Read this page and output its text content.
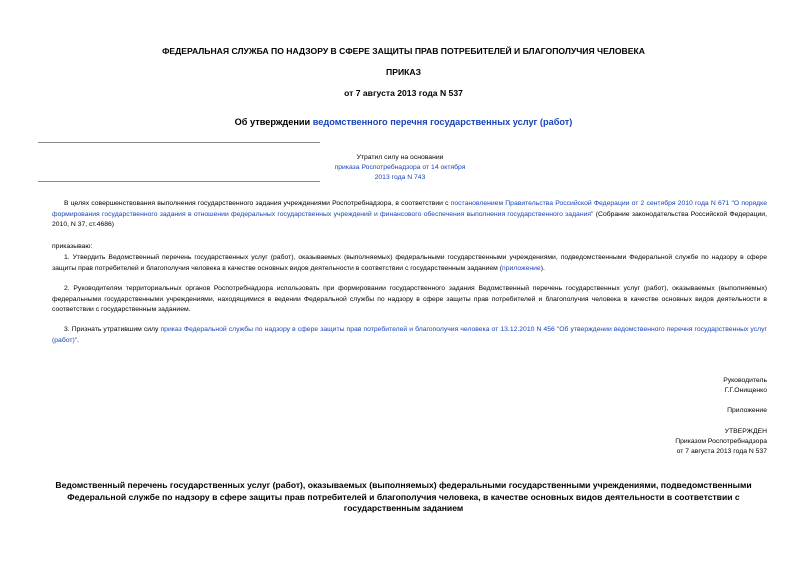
ФЕДЕРАЛЬНАЯ СЛУЖБА ПО НАДЗОРУ В СФЕРЕ ЗАЩИТЫ ПРАВ ПОТРЕБИТЕЛЕЙ И БЛАГОПОЛУЧИЯ ЧЕЛОВЕКА
ПРИКАЗ
от 7 августа 2013 года N 537
Об утверждении ведомственного перечня государственных услуг (работ)
Утратил силу на основании
приказа Роспотребнадзора от 14 октября 2013 года N 743
В целях совершенствования выполнения государственного задания учреждениями Роспотребнадзора, в соответствии с постановлением Правительства Российской Федерации от 2 сентября 2010 года N 671 "О порядке формирования государственного задания в отношении федеральных государственных учреждений и финансового обеспечения выполнения государственного задания" (Собрание законодательства Российской Федерации, 2010, N 37, ст.4686)
приказываю:
1. Утвердить Ведомственный перечень государственных услуг (работ), оказываемых (выполняемых) федеральными государственными учреждениями, подведомственными Федеральной службе по надзору в сфере защиты прав потребителей и благополучия человека в качестве основных видов деятельности в соответствии с государственным заданием (приложение).
2. Руководителям территориальных органов Роспотребнадзора использовать при формировании государственного задания Ведомственный перечень государственных услуг (работ), оказываемых (выполняемых) федеральными государственными учреждениями, находящимися в ведении Федеральной службы по надзору в сфере защиты прав потребителей и благополучия человека в качестве основных видов деятельности в соответствии с государственным заданием.
3. Признать утратившим силу приказ Федеральной службы по надзору в сфере защиты прав потребителей и благополучия человека от 13.12.2010 N 456 "Об утверждении ведомственного перечня государственных услуг (работ)".
Руководитель
Г.Г.Онищенко
Приложение
УТВЕРЖДЕН
Приказом Роспотребнадзора
от 7 августа 2013 года N 537
Ведомственный перечень государственных услуг (работ), оказываемых (выполняемых) федеральными государственными учреждениями, подведомственными Федеральной службе по надзору в сфере защиты прав потребителей и благополучия человека, в качестве основных видов деятельности в соответствии с государственным заданием
